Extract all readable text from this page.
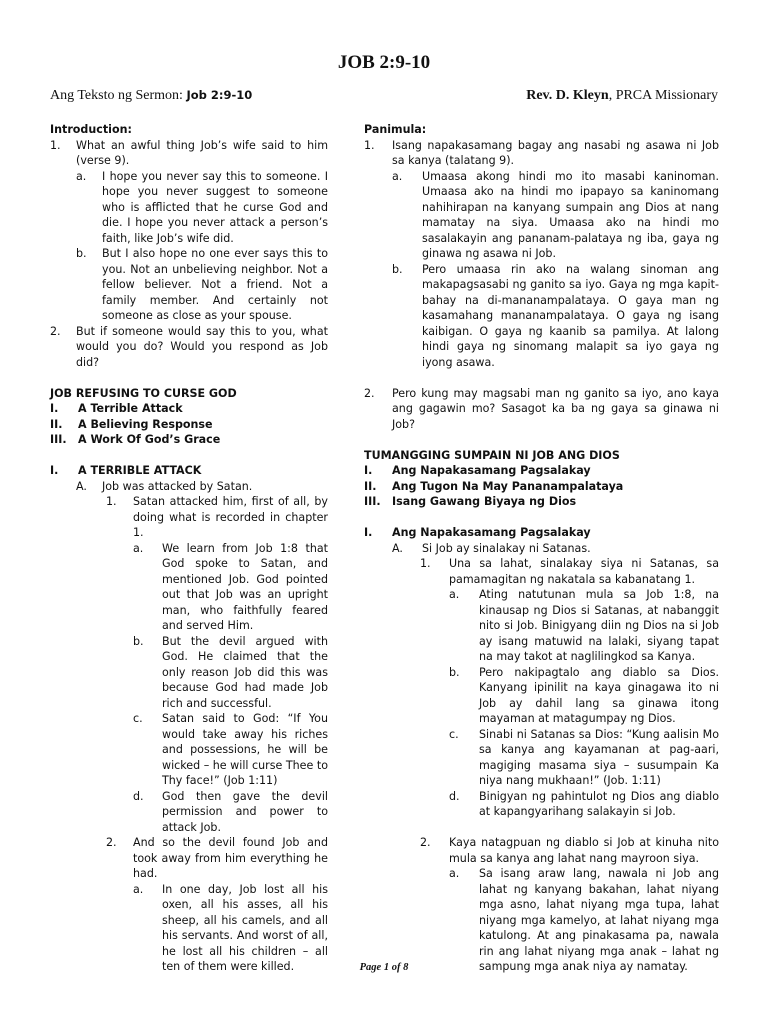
JOB 2:9-10
Ang Teksto ng Sermon: Job 2:9-10	Rev. D. Kleyn, PRCA Missionary
Introduction:
1.	What an awful thing Job’s wife said to him (verse 9).
a.	I hope you never say this to someone. I hope you never suggest to someone who is afflicted that he curse God and die. I hope you never attack a person’s faith, like Job’s wife did.
b.	But I also hope no one ever says this to you. Not an unbelieving neighbor. Not a fellow believer. Not a friend. Not a family member. And certainly not someone as close as your spouse.
2.	But if someone would say this to you, what would you do? Would you respond as Job did?
JOB REFUSING TO CURSE GOD
I.	A Terrible Attack
II.	A Believing Response
III.	A Work Of God’s Grace
I.	A TERRIBLE ATTACK
A.	Job was attacked by Satan.
1.	Satan attacked him, first of all, by doing what is recorded in chapter 1.
a.	We learn from Job 1:8 that God spoke to Satan, and mentioned Job. God pointed out that Job was an upright man, who faithfully feared and served Him.
b.	But the devil argued with God. He claimed that the only reason Job did this was because God had made Job rich and successful.
c.	Satan said to God: “If You would take away his riches and possessions, he will be wicked – he will curse Thee to Thy face!” (Job 1:11)
d.	God then gave the devil permission and power to attack Job.
2.	And so the devil found Job and took away from him everything he had.
a.	In one day, Job lost all his oxen, all his asses, all his sheep, all his camels, and all his servants. And worst of all, he lost all his children – all ten of them were killed.
Panimula:
1.	Isang napakasamang bagay ang nasabi ng asawa ni Job sa kanya (talatang 9).
a.	Umaasa akong hindi mo ito masabi kaninoman. Umaasa ako na hindi mo ipapayo sa kaninomang nahihirapan na kanyang sumpain ang Dios at nang mamatay na siya. Umaasa ako na hindi mo sasalakayin ang pananam-palataya ng iba, gaya ng ginawa ng asawa ni Job.
b.	Pero umaasa rin ako na walang sinoman ang makapagsasabi ng ganito sa iyo. Gaya ng mga kapit-bahay na di-mananampalataya. O gaya man ng kasamahang mananampalataya. O gaya ng isang kaibigan. O gaya ng kaanib sa pamilya. At lalong hindi gaya ng sinomang malapit sa iyo gaya ng iyong asawa.
2.	Pero kung may magsabi man ng ganito sa iyo, ano kaya ang gagawin mo? Sasagot ka ba ng gaya sa ginawa ni Job?
TUMANGGING SUMPAIN NI JOB ANG DIOS
I.	Ang Napakasamang Pagsalakay
II.	Ang Tugon Na May Pananampalataya
III.	Isang Gawang Biyaya ng Dios
I.	Ang Napakasamang Pagsalakay
A.	Si Job ay sinalakay ni Satanas.
1.	Una sa lahat, sinalakay siya ni Satanas, sa pamamagitan ng nakatala sa kabanatang 1.
a.	Ating natutunan mula sa Job 1:8, na kinausap ng Dios si Satanas, at nabanggit nito si Job. Binigyang diin ng Dios na si Job ay isang matuwid na lalaki, siyang tapat na may takot at naglilingkod sa Kanya.
b.	Pero nakipagtalo ang diablo sa Dios. Kanyang ipinilit na kaya ginagawa ito ni Job ay dahil lang sa ginawa itong mayaman at matagumpay ng Dios.
c.	Sinabi ni Satanas sa Dios: “Kung aalisin Mo sa kanya ang kayamanan at pag-aari, magiging masama siya – susumpain Ka niya nang mukhaan!” (Job. 1:11)
d.	Binigyan ng pahintulot ng Dios ang diablo at kapangyarihang salakayin si Job.
2.	Kaya natagpuan ng diablo si Job at kinuha nito mula sa kanya ang lahat nang mayroon siya.
a.	Sa isang araw lang, nawala ni Job ang lahat ng kanyang bakahan, lahat niyang mga asno, lahat niyang mga tupa, lahat niyang mga kamelyo, at lahat niyang mga katulong. At ang pinakasama pa, nawala rin ang lahat niyang mga anak – lahat ng sampung mga anak niya ay namatay.
Page 1 of 8
